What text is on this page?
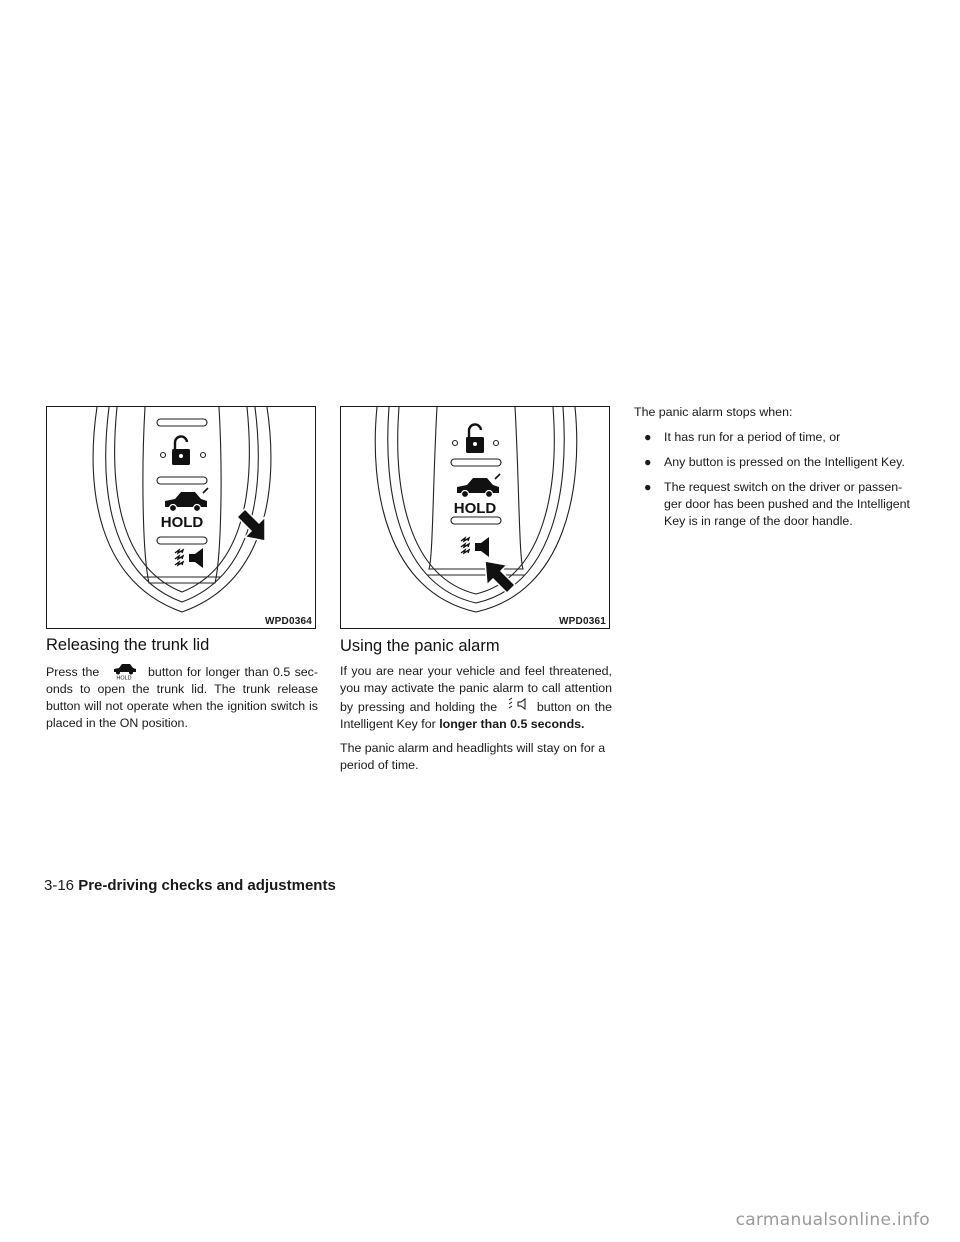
HOLD
WPD0364
HOLD
WPD0361
Releasing the trunk lid

Press the	HOLD button for longer than 0.5 sec-onds to open the trunk lid. The trunk release button will not operate when the ignition switch is placed in the ON position.

Using the panic alarm

If you are near your vehicle and feel threatened, you may activate the panic alarm to call attention by pressing and holding the	button on the Intelligent Key for longer than 0.5 seconds.

The panic alarm and headlights will stay on for a period of time.

The panic alarm stops when:

● It has run for a period of time, or
● Any button is pressed on the Intelligent Key.
● The request switch on the driver or passen-ger door has been pushed and the Intelligent Key is in range of the door handle.
3-16 Pre-driving checks and adjustments
carmanualsonline.info
